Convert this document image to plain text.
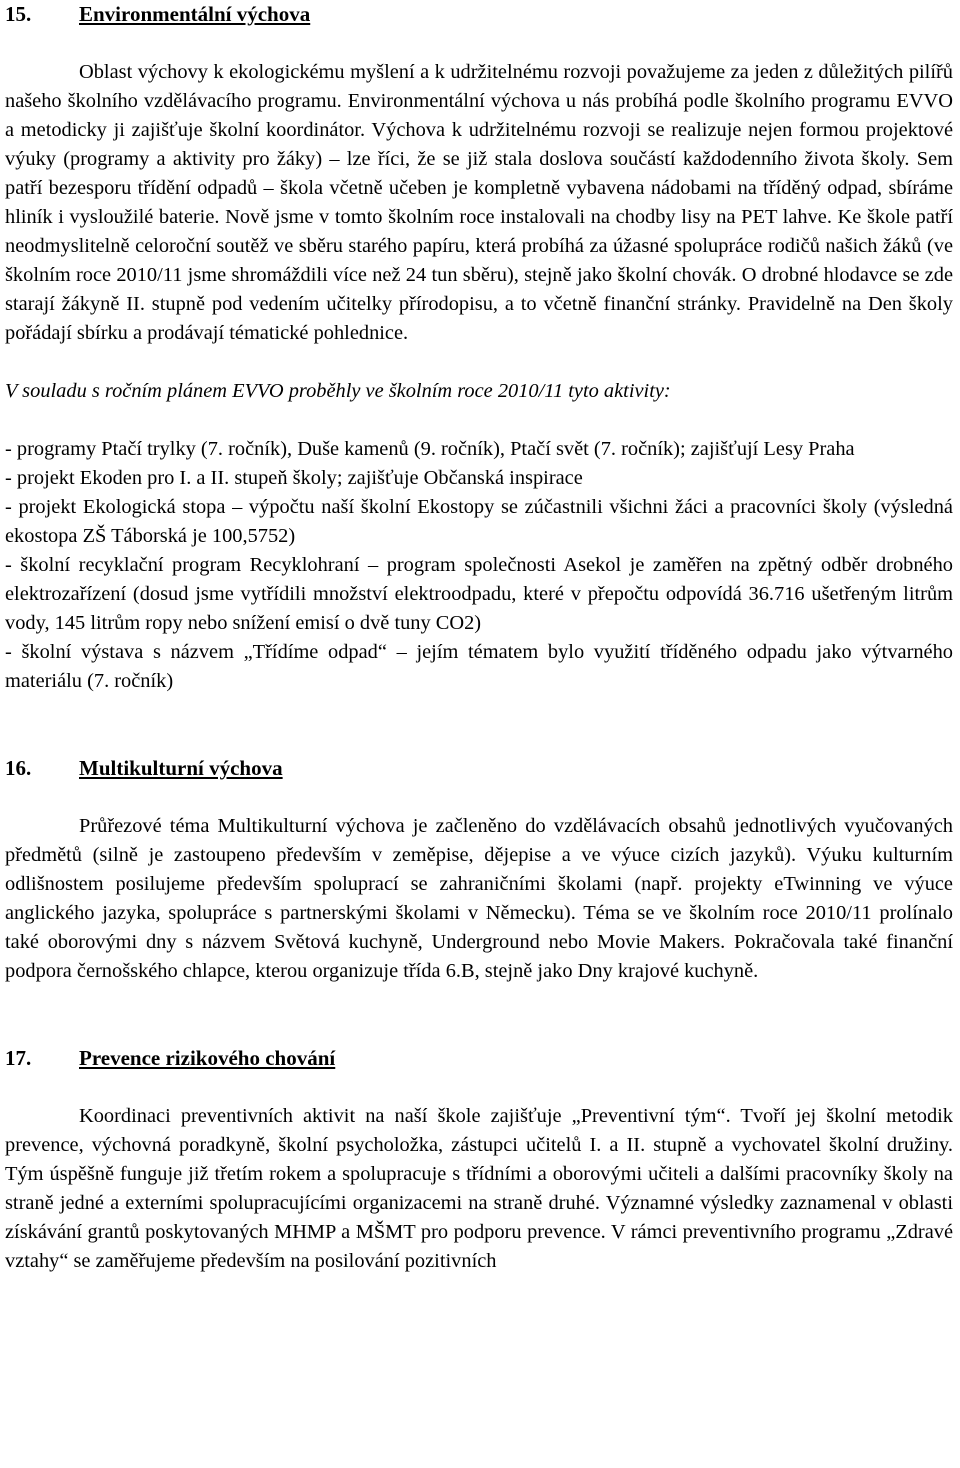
15. Environmentální výchova
Oblast výchovy k ekologickému myšlení a k udržitelnému rozvoji považujeme za jeden z důležitých pilířů našeho školního vzdělávacího programu. Environmentální výchova u nás probíhá podle školního programu EVVO a metodicky ji zajišťuje školní koordinátor. Výchova k udržitelnému rozvoji se realizuje nejen formou projektové výuky (programy a aktivity pro žáky) – lze říci, že se již stala doslova součástí každodenního života školy. Sem patří bezesporu třídění odpadů – škola včetně učeben je kompletně vybavena nádobami na tříděný odpad, sbíráme hliník i vysloužilé baterie. Nově jsme v tomto školním roce instalovali na chodby lisy na PET lahve. Ke škole patří neodmyslitelně celoroční soutěž ve sběru starého papíru, která probíhá za úžasné spolupráce rodičů našich žáků (ve školním roce 2010/11 jsme shromáždili více než 24 tun sběru), stejně jako školní chovák. O drobné hlodavce se zde starají žákyně II. stupně pod vedením učitelky přírodopisu, a to včetně finanční stránky. Pravidelně na Den školy pořádají sbírku a prodávají tématické pohlednice.
V souladu s ročním plánem EVVO proběhly ve školním roce 2010/11 tyto aktivity:
- programy Ptačí trylky (7. ročník), Duše kamenů (9. ročník), Ptačí svět (7. ročník); zajišťují Lesy Praha
- projekt Ekoden pro I. a II. stupeň školy; zajišťuje Občanská inspirace
- projekt Ekologická stopa – výpočtu naší školní Ekostopy se zúčastnili všichni žáci a pracovníci školy (výsledná ekostopa ZŠ Táborská je 100,5752)
- školní recyklační program Recyklohraní – program společnosti Asekol je zaměřen na zpětný odběr drobného elektrozařízení (dosud jsme vytřídili množství elektroodpadu, které v přepočtu odpovídá 36.716 ušetřeným litrům vody, 145 litrům ropy nebo snížení emisí o dvě tuny CO2)
- školní výstava s názvem „Třídíme odpad“ – jejím tématem bylo využití tříděného odpadu jako výtvarného materiálu (7. ročník)
16. Multikulturní výchova
Průřezové téma Multikulturní výchova je začleněno do vzdělávacích obsahů jednotlivých vyučovaných předmětů (silně je zastoupeno především v zeměpise, dějepise a ve výuce cizích jazyků). Výuku kulturním odlišnostem posilujeme především spoluprací se zahraničními školami (např. projekty eTwinning ve výuce anglického jazyka, spolupráce s partnerskými školami v Německu). Téma se ve školním roce 2010/11 prolínalo také oborovými dny s názvem Světová kuchyně, Underground nebo Movie Makers. Pokračovala také finanční podpora černošského chlapce, kterou organizuje třída 6.B, stejně jako Dny krajové kuchyně.
17. Prevence rizikového chování
Koordinaci preventivních aktivit na naší škole zajišťuje „Preventivní tým“. Tvoří jej školní metodik prevence, výchovná poradkyně, školní psycholožka, zástupci učitelů I. a II. stupně a vychovatel školní družiny. Tým úspěšně funguje již třetím rokem a spolupracuje s třídními a oborovými učiteli a dalšími pracovníky školy na straně jedné a externími spolupracujícími organizacemi na straně druhé. Významné výsledky zaznamenal v oblasti získávání grantů poskytovaných MHMP a MŠMT pro podporu prevence. V rámci preventivního programu „Zdravé vztahy“ se zaměřujeme především na posilování pozitivních
